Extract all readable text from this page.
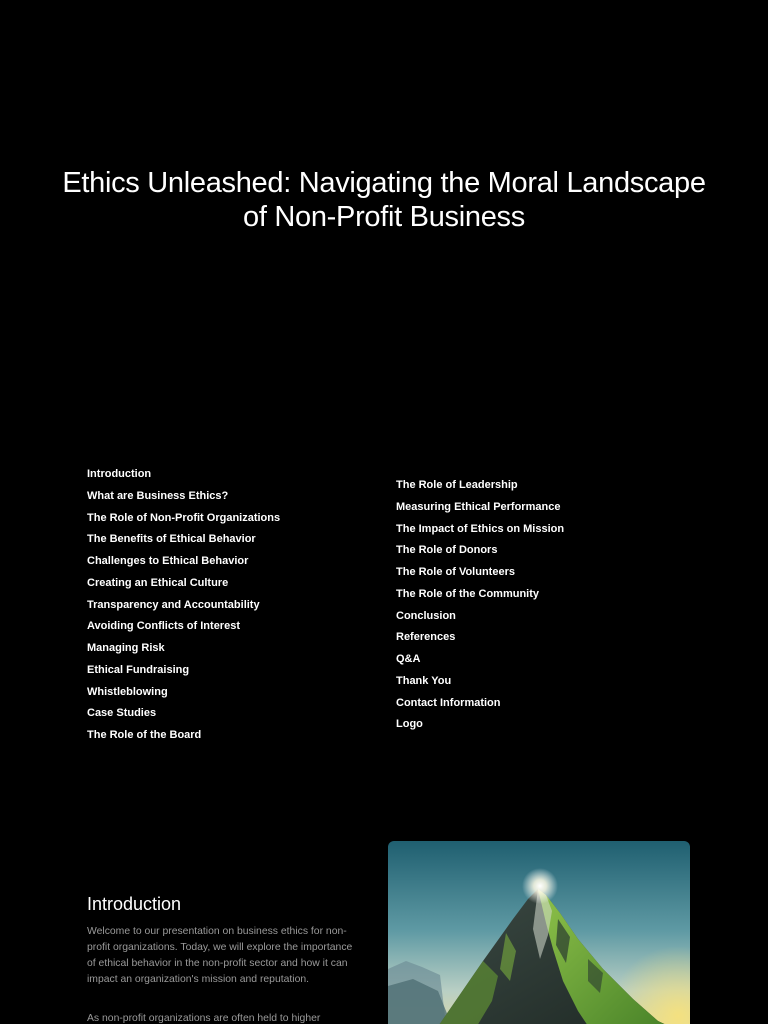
Ethics Unleashed: Navigating the Moral Landscape of Non-Profit Business
Introduction
What are Business Ethics?
The Role of Non-Profit Organizations
The Benefits of Ethical Behavior
Challenges to Ethical Behavior
Creating an Ethical Culture
Transparency and Accountability
Avoiding Conflicts of Interest
Managing Risk
Ethical Fundraising
Whistleblowing
Case Studies
The Role of the Board
The Role of Leadership
Measuring Ethical Performance
The Impact of Ethics on Mission
The Role of Donors
The Role of Volunteers
The Role of the Community
Conclusion
References
Q&A
Thank You
Contact Information
Logo
Introduction

Welcome to our presentation on business ethics for non-profit organizations. Today, we will explore the importance of ethical behavior in the non-profit sector and how it can impact an organization's mission and reputation.

As non-profit organizations are often held to higher
